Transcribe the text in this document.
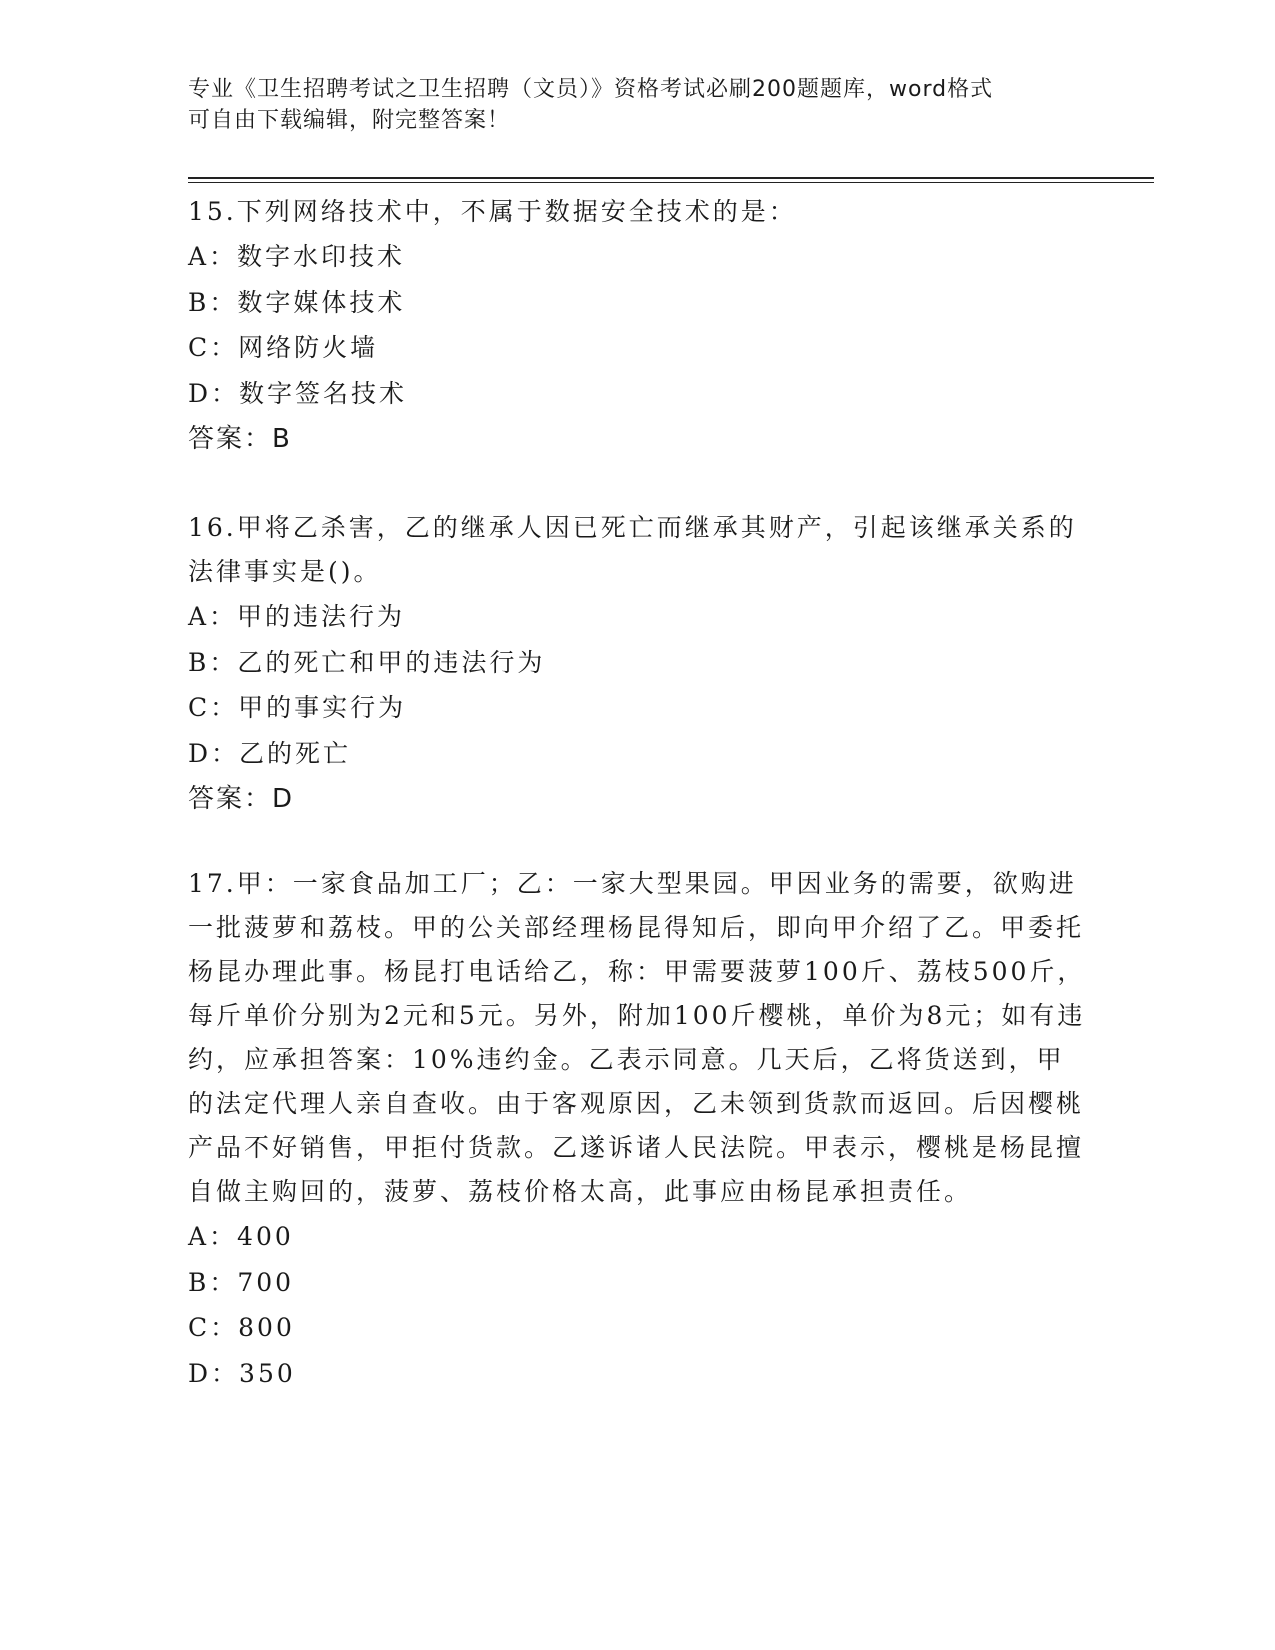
专业《卫生招聘考试之卫生招聘（文员）》资格考试必刷200题题库，word格式
可自由下载编辑，附完整答案！

15.下列网络技术中，不属于数据安全技术的是：

A：数字水印技术

B：数字媒体技术

C：网络防火墙

D：数字签名技术

答案：B

16.甲将乙杀害，乙的继承人因已死亡而继承其财产，引起该继承关系的法律事实是()。

A：甲的违法行为

B：乙的死亡和甲的违法行为

C：甲的事实行为

D：乙的死亡

答案：D

17.甲：一家食品加工厂；乙：一家大型果园。甲因业务的需要，欲购进一批菠萝和荔枝。甲的公关部经理杨昆得知后，即向甲介绍了乙。甲委托杨昆办理此事。杨昆打电话给乙，称：甲需要菠萝100斤、荔枝500斤，每斤单价分别为2元和5元。另外，附加100斤樱桃，单价为8元；如有违约，应承担答案：10%违约金。乙表示同意。几天后，乙将货送到，甲的法定代理人亲自查收。由于客观原因，乙未领到货款而返回。后因樱桃产品不好销售，甲拒付货款。乙遂诉诸人民法院。甲表示，樱桃是杨昆擅自做主购回的，菠萝、荔枝价格太高，此事应由杨昆承担责任。

A：400

B：700

C：800

D：350
